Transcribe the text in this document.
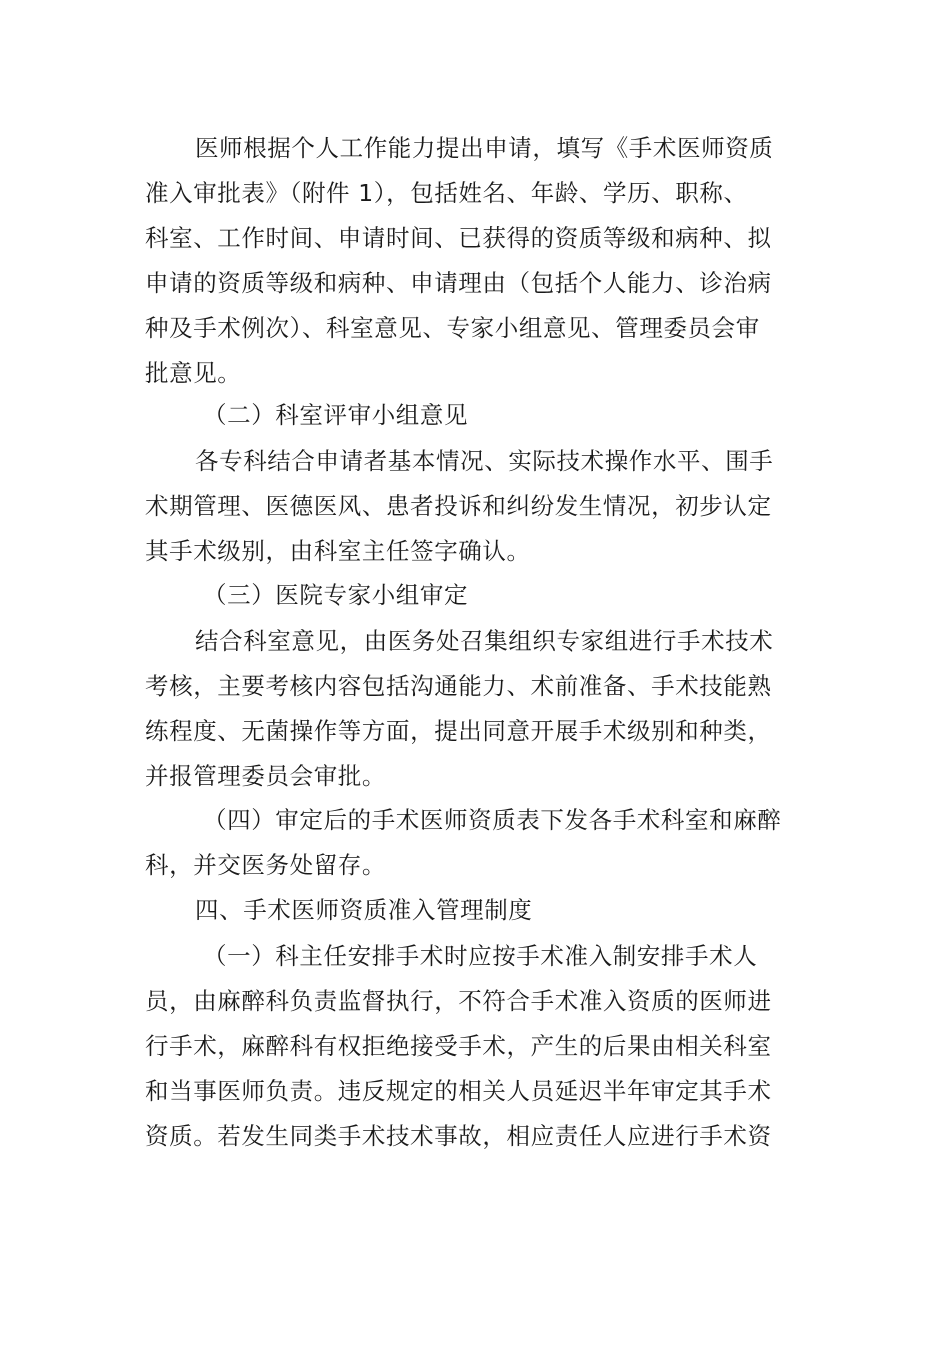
医师根据个人工作能力提出申请，填写《手术医师资质
准入审批表》（附件 1），包括姓名、年龄、学历、职称、
科室、工作时间、申请时间、已获得的资质等级和病种、拟
申请的资质等级和病种、申请理由（包括个人能力、诊治病
种及手术例次）、科室意见、专家小组意见、管理委员会审
批意见。
（二）科室评审小组意见
各专科结合申请者基本情况、实际技术操作水平、围手
术期管理、医德医风、患者投诉和纠纷发生情况，初步认定
其手术级别，由科室主任签字确认。
（三）医院专家小组审定
结合科室意见，由医务处召集组织专家组进行手术技术
考核，主要考核内容包括沟通能力、术前准备、手术技能熟
练程度、无菌操作等方面，提出同意开展手术级别和种类，
并报管理委员会审批。
（四）审定后的手术医师资质表下发各手术科室和麻醉
科，并交医务处留存。
四、手术医师资质准入管理制度
（一）科主任安排手术时应按手术准入制安排手术人
员，由麻醉科负责监督执行，不符合手术准入资质的医师进
行手术，麻醉科有权拒绝接受手术，产生的后果由相关科室
和当事医师负责。违反规定的相关人员延迟半年审定其手术
资质。若发生同类手术技术事故，相应责任人应进行手术资
